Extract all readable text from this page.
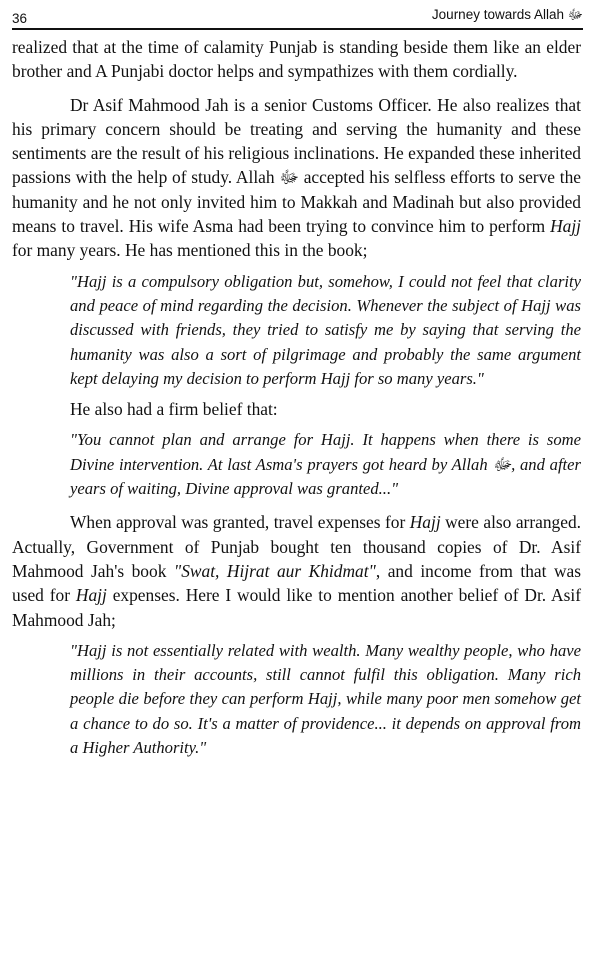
36	Journey towards Allah ﷻ

realized that at the time of calamity Punjab is standing beside them like an elder brother and A Punjabi doctor helps and sympathizes with them cordially.

Dr Asif Mahmood Jah is a senior Customs Officer. He also realizes that his primary concern should be treating and serving the humanity and these sentiments are the result of his religious inclinations. He expanded these inherited passions with the help of study. Allah ﷻ accepted his selfless efforts to serve the humanity and he not only invited him to Makkah and Madinah but also provided means to travel. His wife Asma had been trying to convince him to perform Hajj for many years. He has mentioned this in the book;

"Hajj is a compulsory obligation but, somehow, I could not feel that clarity and peace of mind regarding the decision. Whenever the subject of Hajj was discussed with friends, they tried to satisfy me by saying that serving the humanity was also a sort of pilgrimage and probably the same argument kept delaying my decision to perform Hajj for so many years."

He also had a firm belief that:

"You cannot plan and arrange for Hajj. It happens when there is some Divine intervention. At last Asma's prayers got heard by Allah ﷻ, and after years of waiting, Divine approval was granted..."

When approval was granted, travel expenses for Hajj were also arranged. Actually, Government of Punjab bought ten thousand copies of Dr. Asif Mahmood Jah's book "Swat, Hijrat aur Khidmat", and income from that was used for Hajj expenses. Here I would like to mention another belief of Dr. Asif Mahmood Jah;

"Hajj is not essentially related with wealth. Many wealthy people, who have millions in their accounts, still cannot fulfil this obligation. Many rich people die before they can perform Hajj, while many poor men somehow get a chance to do so. It's a matter of providence... it depends on approval from a Higher Authority."
